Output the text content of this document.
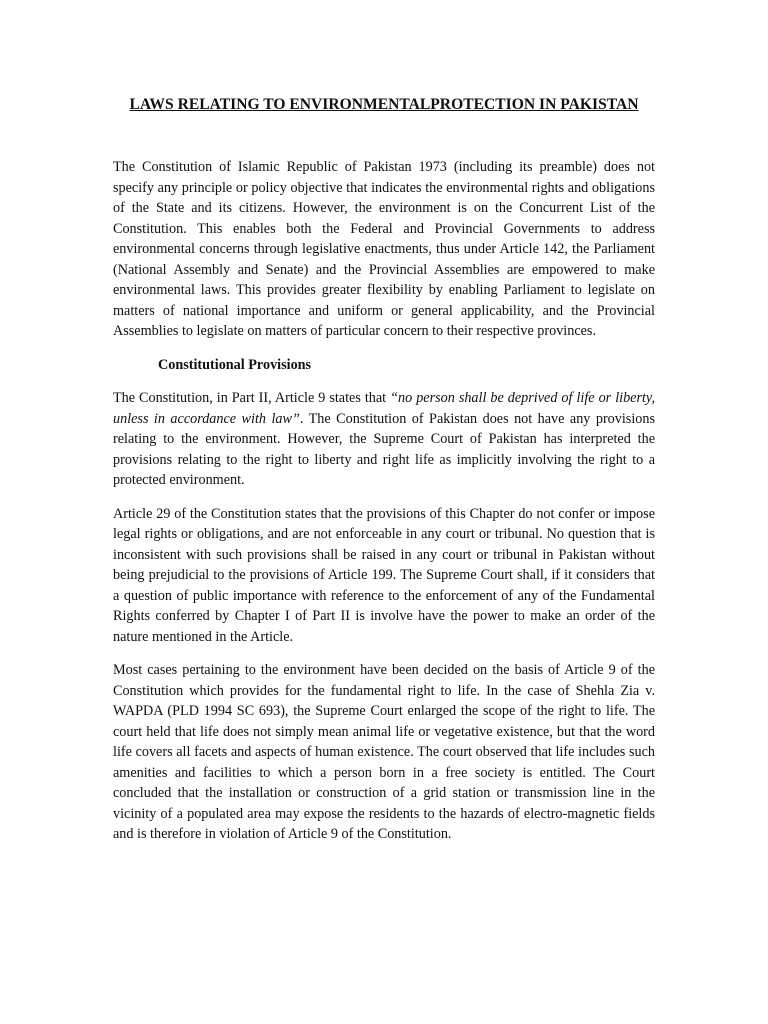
LAWS RELATING TO ENVIRONMENTALPROTECTION IN PAKISTAN

The Constitution of Islamic Republic of Pakistan 1973 (including its preamble) does not specify any principle or policy objective that indicates the environmental rights and obligations of the State and its citizens. However, the environment is on the Concurrent List of the Constitution. This enables both the Federal and Provincial Governments to address environmental concerns through legislative enactments, thus under Article 142, the Parliament (National Assembly and Senate) and the Provincial Assemblies are empowered to make environmental laws. This provides greater flexibility by enabling Parliament to legislate on matters of national importance and uniform or general applicability, and the Provincial Assemblies to legislate on matters of particular concern to their respective provinces.

Constitutional Provisions

The Constitution, in Part II, Article 9 states that “no person shall be deprived of life or liberty, unless in accordance with law”. The Constitution of Pakistan does not have any provisions relating to the environment. However, the Supreme Court of Pakistan has interpreted the provisions relating to the right to liberty and right life as implicitly involving the right to a protected environment.

Article 29 of the Constitution states that the provisions of this Chapter do not confer or impose legal rights or obligations, and are not enforceable in any court or tribunal. No question that is inconsistent with such provisions shall be raised in any court or tribunal in Pakistan without being prejudicial to the provisions of Article 199. The Supreme Court shall, if it considers that a question of public importance with reference to the enforcement of any of the Fundamental Rights conferred by Chapter I of Part II is involve have the power to make an order of the nature mentioned in the Article.

Most cases pertaining to the environment have been decided on the basis of Article 9 of the Constitution which provides for the fundamental right to life. In the case of Shehla Zia v. WAPDA (PLD 1994 SC 693), the Supreme Court enlarged the scope of the right to life. The court held that life does not simply mean animal life or vegetative existence, but that the word life covers all facets and aspects of human existence. The court observed that life includes such amenities and facilities to which a person born in a free society is entitled. The Court concluded that the installation or construction of a grid station or transmission line in the vicinity of a populated area may expose the residents to the hazards of electro-magnetic fields and is therefore in violation of Article 9 of the Constitution.
